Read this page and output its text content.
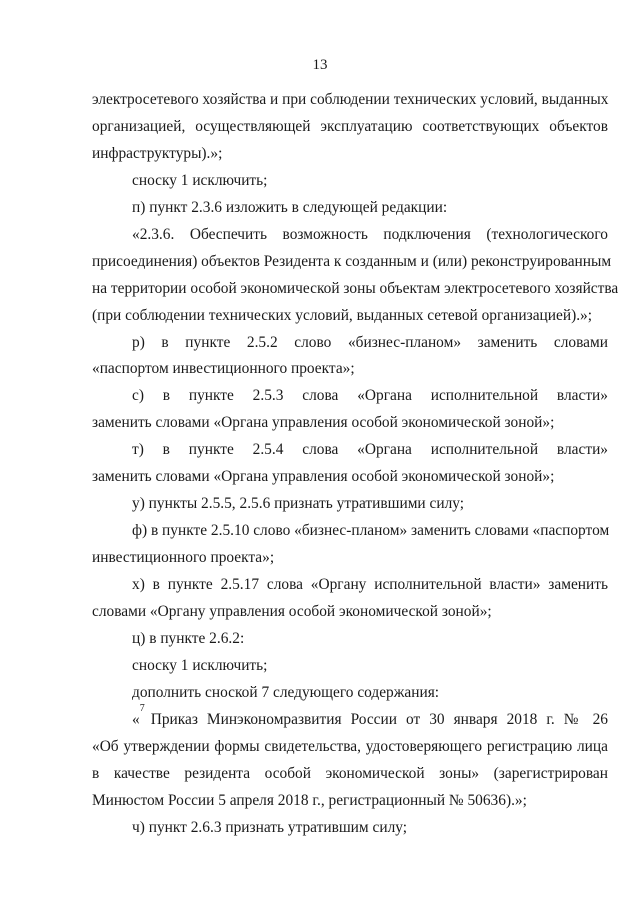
13
электросетевого хозяйства и при соблюдении технических условий, выданных
организацией, осуществляющей эксплуатацию соответствующих объектов
инфраструктуры).»;
сноску 1 исключить;
п) пункт 2.3.6 изложить в следующей редакции:
«2.3.6. Обеспечить возможность подключения (технологического
присоединения) объектов Резидента к созданным и (или) реконструированным
на территории особой экономической зоны объектам электросетевого хозяйства
(при соблюдении технических условий, выданных сетевой организацией).»;
р) в пункте 2.5.2 слово «бизнес-планом» заменить словами
«паспортом инвестиционного проекта»;
с) в пункте 2.5.3 слова «Органа исполнительной власти»
заменить словами «Органа управления особой экономической зоной»;
т) в пункте 2.5.4 слова «Органа исполнительной власти»
заменить словами «Органа управления особой экономической зоной»;
у) пункты 2.5.5, 2.5.6 признать утратившими силу;
ф) в пункте 2.5.10 слово «бизнес-планом» заменить словами «паспортом
инвестиционного проекта»;
х) в пункте 2.5.17 слова «Органу исполнительной власти» заменить
словами «Органу управления особой экономической зоной»;
ц) в пункте 2.6.2:
сноску 1 исключить;
дополнить сноской 7 следующего содержания:
«
7
Приказ Минэкономразвития России от 30 января 2018 г. № 26
«Об утверждении формы свидетельства, удостоверяющего регистрацию лица
в качестве резидента особой экономической зоны» (зарегистрирован
Минюстом России 5 апреля 2018 г., регистрационный № 50636).»;
ч) пункт 2.6.3 признать утратившим силу;
